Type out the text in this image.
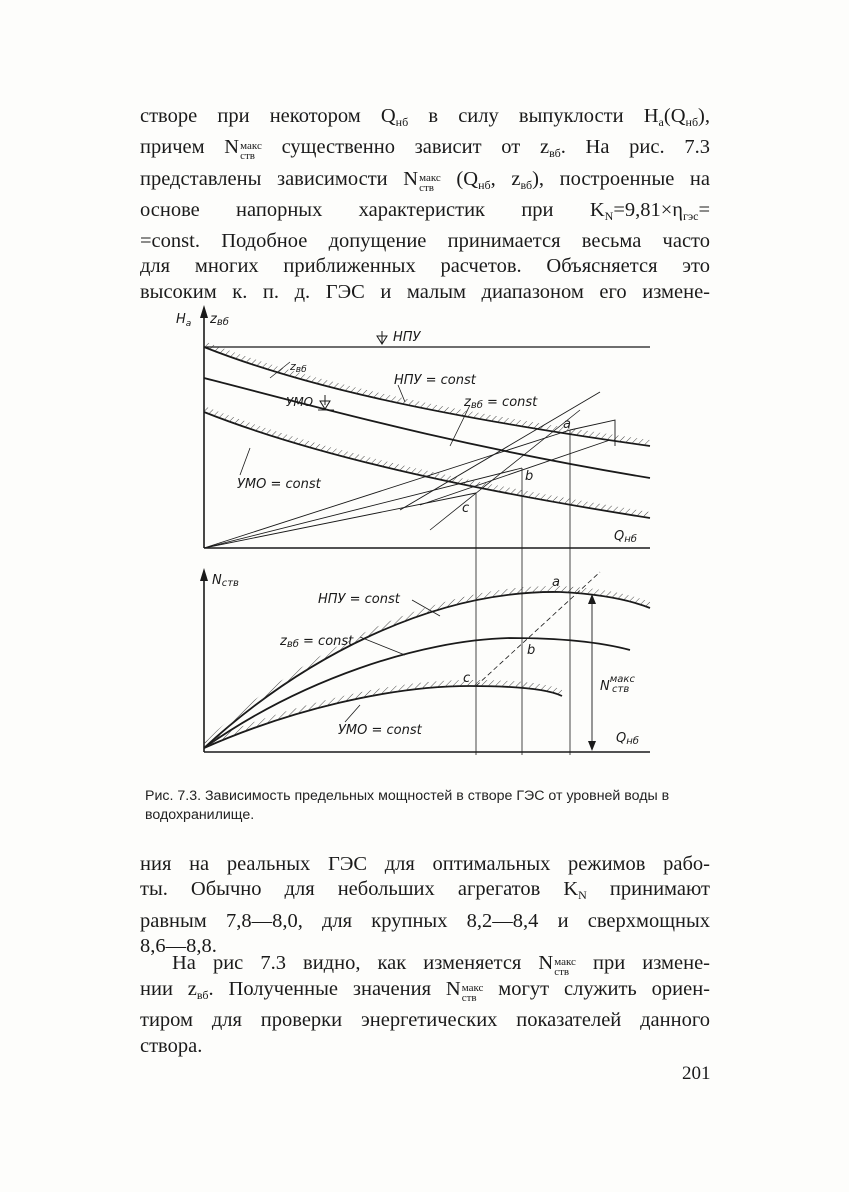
створе при некотором $Q_{нб}$ в силу выпуклости $H_а(Q_{нб})$,
причем N макс
ств существенно зависит от $z_{вб}$. На рис. 7.3
представлены зависимости N макс
ств ($Q_{нб}$, $z_{вб}$), построенные на
основе напорных характеристик при $K_N=9,81\times\eta_{гэс}=$
=const. Подобное допущение принимается весьма часто
для многих приближенных расчетов. Объясняется это
высоким к. п. д. ГЭС и малым диапазоном его измене-
$H_a$ zвб
НПУ
zвб
УМО
НПУ = const
zвб = const
УМО = const
a
b
c
Qнб
Nств
НПУ = const
zвб = const
УМО = const
a
b
c
$N^{макс}$
ств
Qнб

Рис. 7.3. Зависимость предельных мощностей в створе ГЭС от уровней воды в водохранилище.

ния на реальных ГЭС для оптимальных режимов рабо-
ты. Обычно для небольших агрегатов $K_N$ принимают
равным 7,8—8,0, для крупных 8,2—8,4 и сверхмощных
8,6—8,8.
На рис 7.3 видно, как изменяется N макс
ств при измене-
нии $z_{вб}$. Полученные значения N макс
ств могут служить ориен-
тиром для проверки энергетических показателей данного
створа.
201
